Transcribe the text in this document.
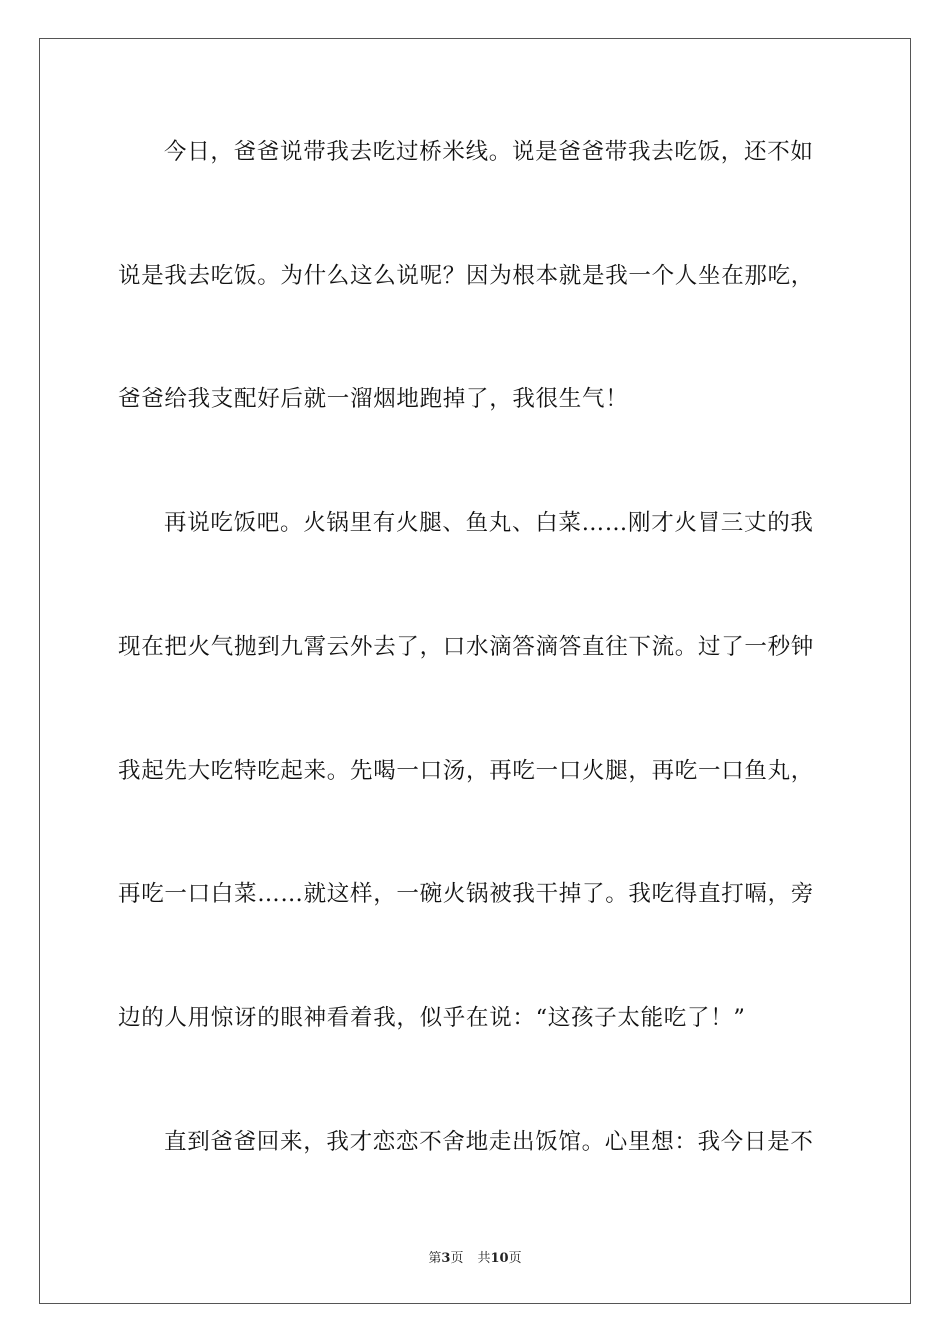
今日，爸爸说带我去吃过桥米线。说是爸爸带我去吃饭，还不如
说是我去吃饭。为什么这么说呢？因为根本就是我一个人坐在那吃，
爸爸给我支配好后就一溜烟地跑掉了，我很生气！
再说吃饭吧。火锅里有火腿、鱼丸、白菜……刚才火冒三丈的我
现在把火气抛到九霄云外去了，口水滴答滴答直往下流。过了一秒钟
我起先大吃特吃起来。先喝一口汤，再吃一口火腿，再吃一口鱼丸，
再吃一口白菜……就这样，一碗火锅被我干掉了。我吃得直打嗝，旁
边的人用惊讶的眼神看着我，似乎在说：“这孩子太能吃了！”
直到爸爸回来，我才恋恋不舍地走出饭馆。心里想：我今日是不
第3页 共10页
